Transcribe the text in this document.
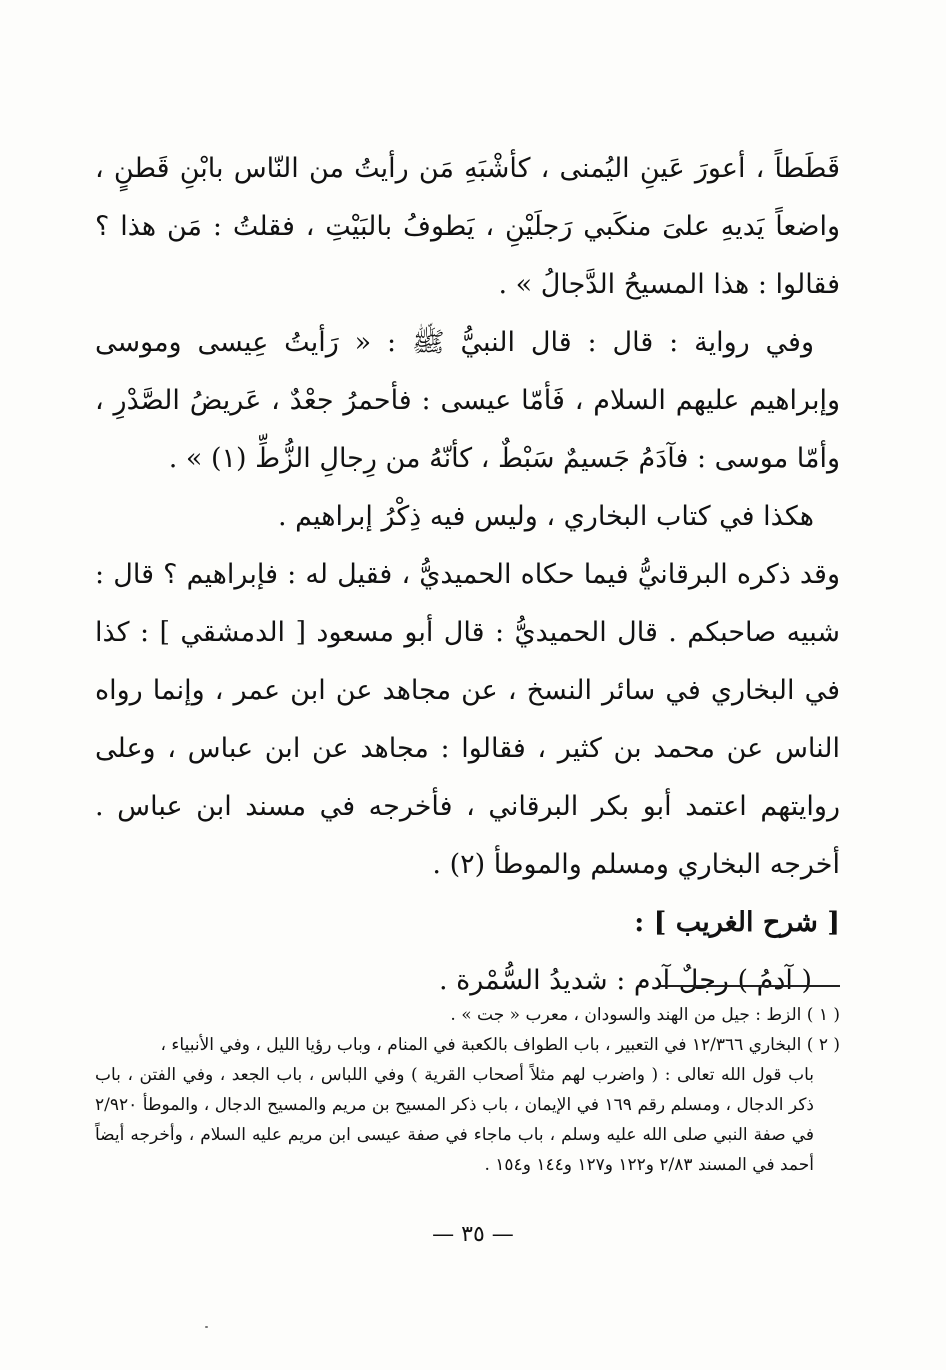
قَطَطاً ، أعورَ عَينِ اليُمنى ، كأشْبَهِ مَن رأيتُ من النّاس بابْنِ قَطنٍ ، واضعاً يَديهِ علىَ منكَبي رَجلَيْنِ ، يَطوفُ بالبَيْتِ ، فقلتُ : مَن هذا ؟ فقالوا : هذا المسيحُ الدَّجالُ » .

وفي رواية : قال : قال النبيُّ ﷺ : « رَأيتُ عِيسى وموسى وإبراهيم عليهم السلام ، فَأمّا عيسى : فأحمرُ جعْدٌ ، عَريضُ الصَّدْرِ ، وأمّا موسى : فآدَمُ جَسيمٌ سَبْطٌ ، كأنّهُ من رِجالِ الزُّطِّ (١) » .

هكذا في كتاب البخاري ، وليس فيه ذِكْرُ إبراهيم .

وقد ذكره البرقانيُّ فيما حكاه الحميديُّ ، فقيل له : فإبراهيم ؟ قال : شبيه صاحبكم . قال الحميديُّ : قال أبو مسعود [ الدمشقي ] : كذا في البخاري في سائر النسخ ، عن مجاهد عن ابن عمر ، وإنما رواه الناس عن محمد بن كثير ، فقالوا : مجاهد عن ابن عباس ، وعلى روايتهم اعتمد أبو بكر البرقاني ، فأخرجه في مسند ابن عباس . أخرجه البخاري ومسلم والموطأ (٢) .

[ شرح الغريب ] :

( آدمُ ) رجلٌ آدم : شديدُ السُّمْرة .

( ١ ) الزط : جيل من الهند والسودان ، معرب « جت » .

( ٢ ) البخاري ١٢/٣٦٦ في التعبير ، باب الطواف بالكعبة في المنام ، وباب رؤيا الليل ، وفي الأنبياء ،

باب قول الله تعالى : ( واضرب لهم مثلاً أصحاب القرية ) وفي اللباس ، باب الجعد ، وفي الفتن ، باب ذكر الدجال ، ومسلم رقم ١٦٩ في الإيمان ، باب ذكر المسيح بن مريم والمسيح الدجال ، والموطأ ٢/٩٢٠ في صفة النبي صلى الله عليه وسلم ، باب ماجاء في صفة عيسى ابن مريم عليه السلام ، وأخرجه أيضاً أحمد في المسند ٢/٨٣ و١٢٢ و١٢٧ و١٤٤ و١٥٤ .

— ٣٥ —
